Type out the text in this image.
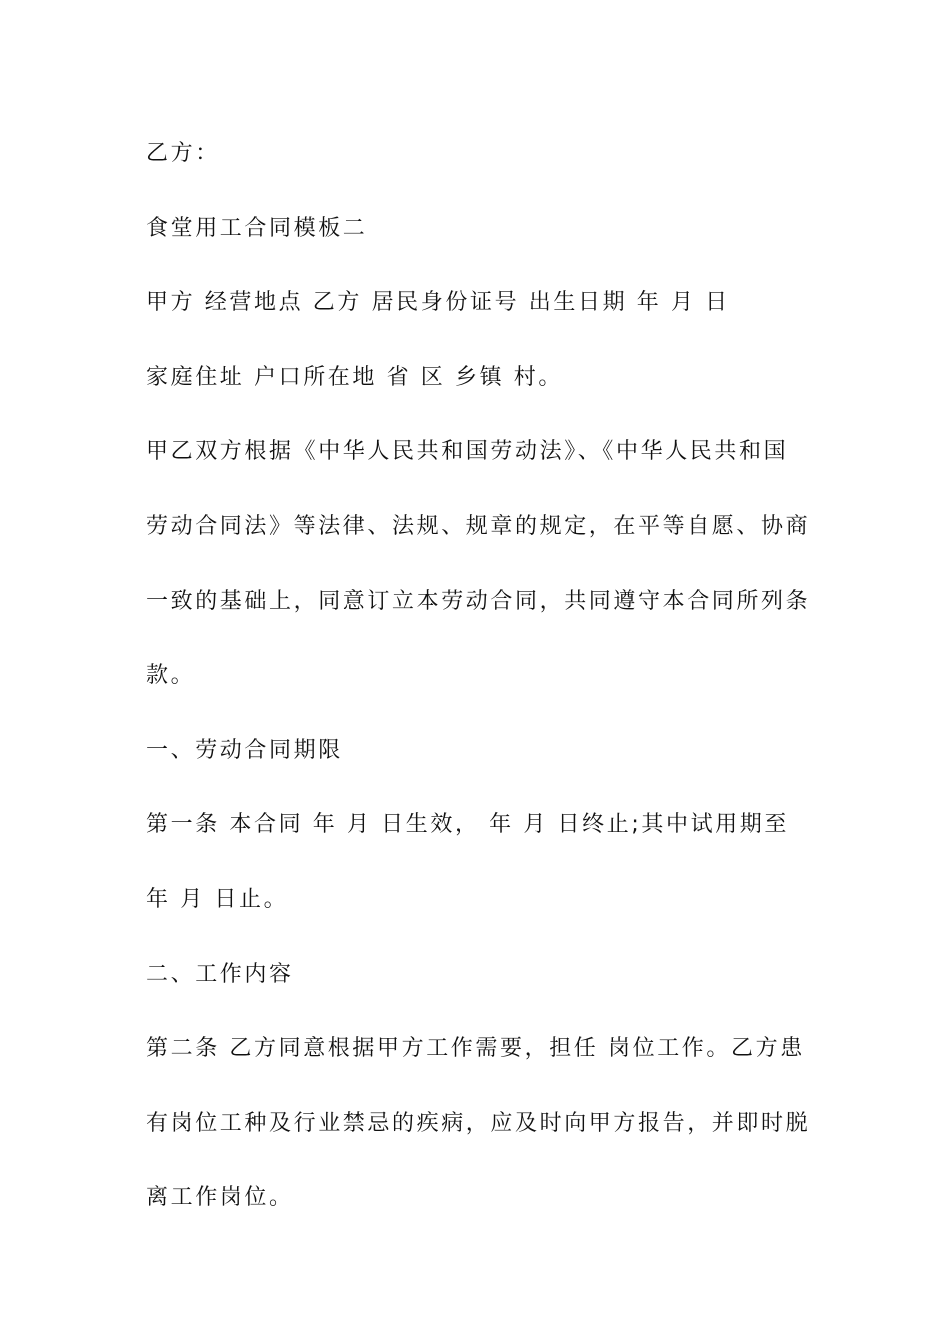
乙方：
食堂用工合同模板二
甲方 经营地点 乙方 居民身份证号 出生日期 年 月 日
家庭住址 户口所在地 省 区 乡镇 村。
甲乙双方根据《中华人民共和国劳动法》、《中华人民共和国
劳动合同法》等法律、法规、规章的规定，在平等自愿、协商
一致的基础上，同意订立本劳动合同，共同遵守本合同所列条
款。
一、劳动合同期限
第一条 本合同 年 月 日生效， 年 月 日终止;其中试用期至
年 月 日止。
二、工作内容
第二条 乙方同意根据甲方工作需要，担任 岗位工作。乙方患
有岗位工种及行业禁忌的疾病，应及时向甲方报告，并即时脱
离工作岗位。
